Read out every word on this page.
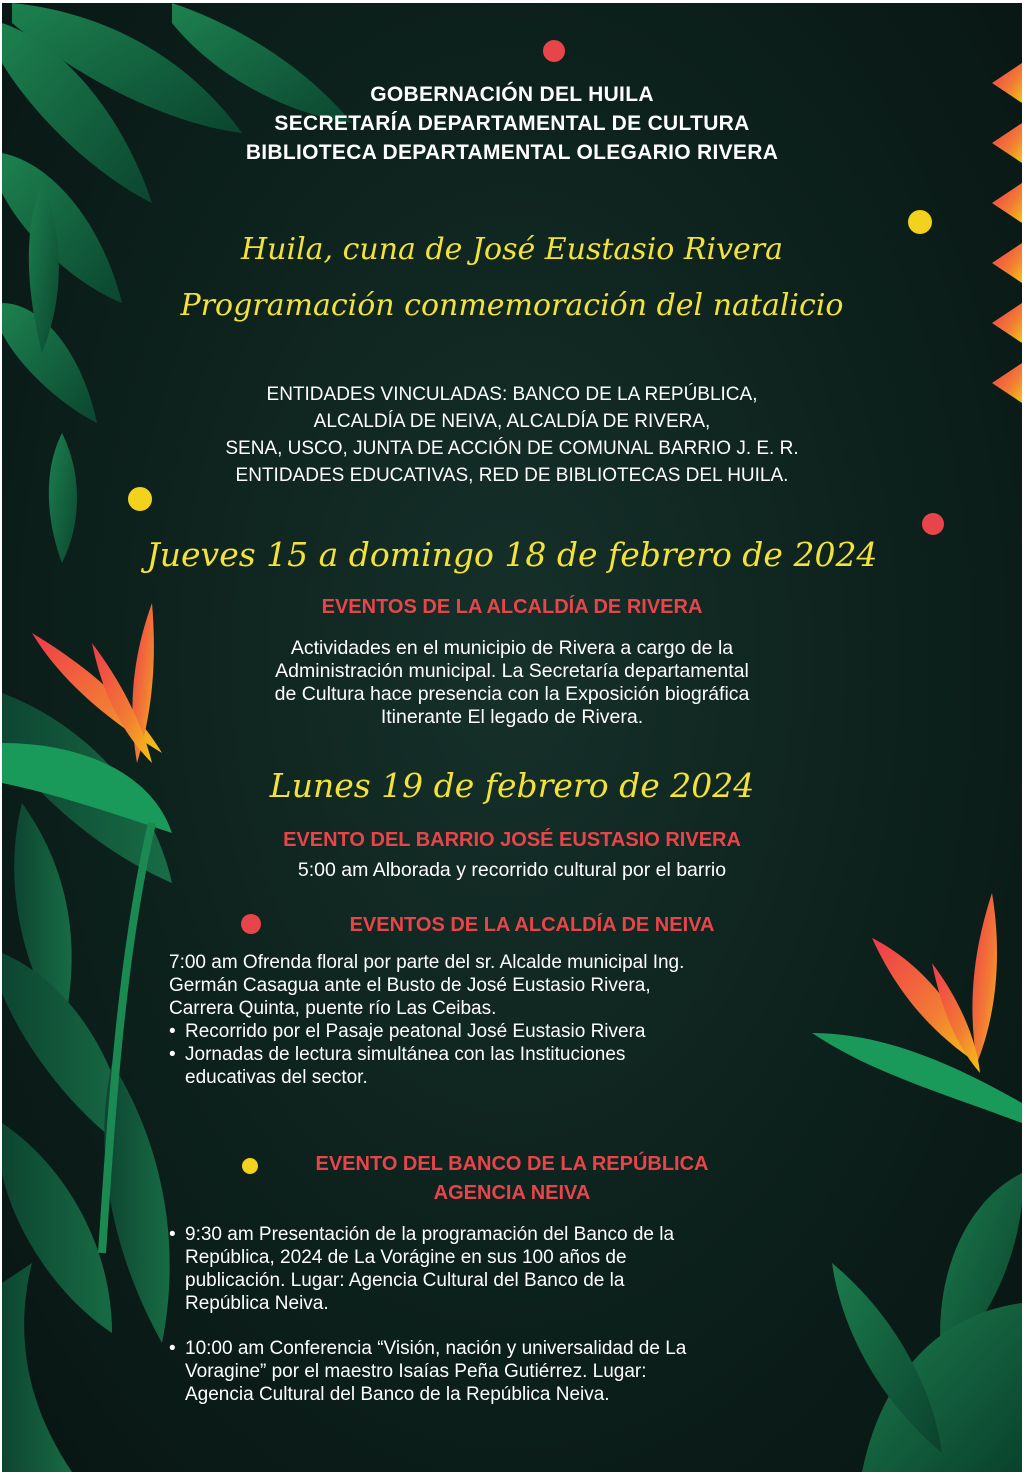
GOBERNACIÓN DEL HUILA
SECRETARÍA DEPARTAMENTAL DE CULTURA
BIBLIOTECA DEPARTAMENTAL OLEGARIO RIVERA
Huila, cuna de José Eustasio Rivera
Programación conmemoración del natalicio
ENTIDADES VINCULADAS: BANCO DE LA REPÚBLICA,
ALCALDÍA DE NEIVA, ALCALDÍA DE RIVERA,
SENA, USCO, JUNTA DE ACCIÓN DE COMUNAL BARRIO J. E. R.
ENTIDADES EDUCATIVAS, RED DE BIBLIOTECAS DEL HUILA.
Jueves 15 a domingo 18 de febrero de 2024
EVENTOS DE LA ALCALDÍA DE RIVERA
Actividades en el municipio de Rivera a cargo de la
Administración municipal. La Secretaría departamental
de Cultura hace presencia con la Exposición biográfica
Itinerante El legado de Rivera.
Lunes 19 de febrero de 2024
EVENTO DEL BARRIO JOSÉ EUSTASIO RIVERA
5:00 am Alborada y recorrido cultural por el barrio
EVENTOS DE LA ALCALDÍA DE NEIVA
7:00 am Ofrenda floral por parte del sr. Alcalde municipal Ing.
Germán Casagua ante el Busto de José Eustasio Rivera,
Carrera Quinta, puente río Las Ceibas.
• Recorrido por el Pasaje peatonal José Eustasio Rivera
• Jornadas de lectura simultánea con las Instituciones
educativas del sector.
EVENTO DEL BANCO DE LA REPÚBLICA
AGENCIA NEIVA
• 9:30 am Presentación de la programación del Banco de la
República, 2024 de La Vorágine en sus 100 años de
publicación. Lugar: Agencia Cultural del Banco de la
República Neiva.
• 10:00 am Conferencia “Visión, nación y universalidad de La
Voragine” por el maestro Isaías Peña Gutiérrez. Lugar:
Agencia Cultural del Banco de la República Neiva.
